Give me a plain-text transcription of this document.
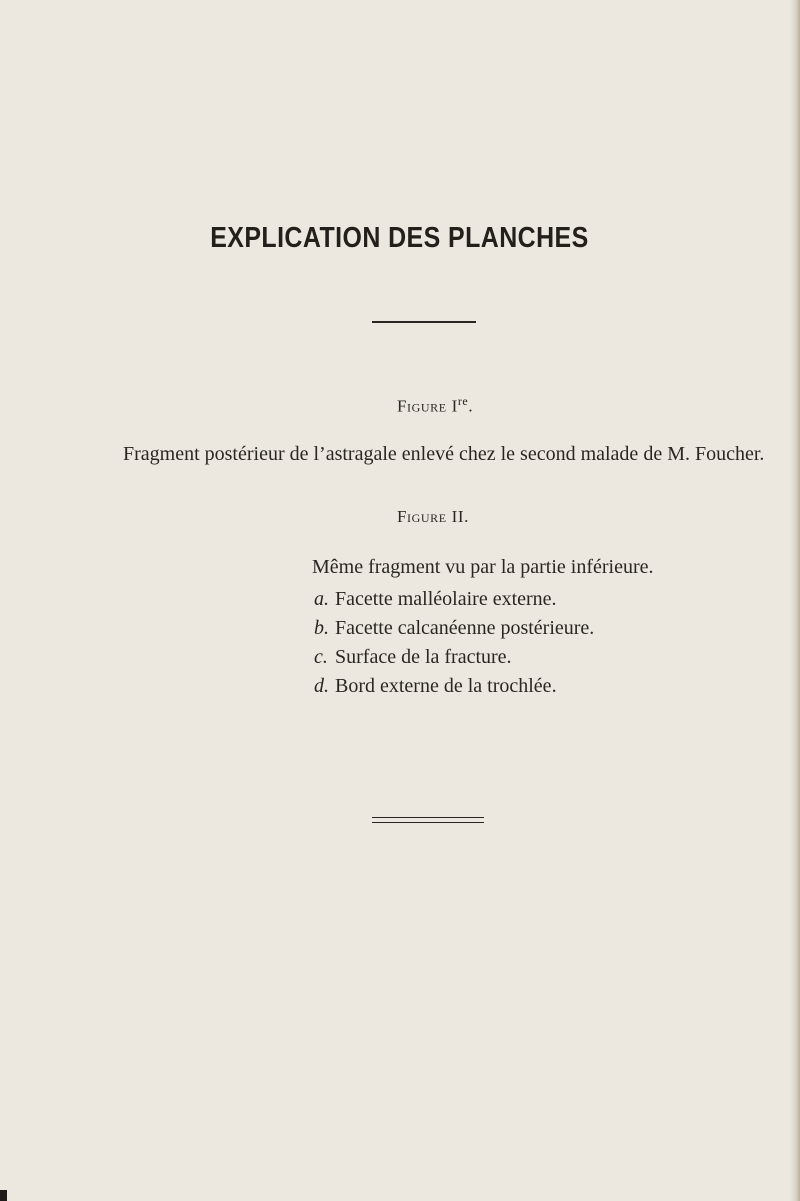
EXPLICATION DES PLANCHES

Figure Ire.

Fragment postérieur de l’astragale enlevé chez le second malade de M. Foucher.

Figure II.

Même fragment vu par la partie inférieure.

a. Facette malléolaire externe.
b. Facette calcanéenne postérieure.
c. Surface de la fracture.
d. Bord externe de la trochlée.
